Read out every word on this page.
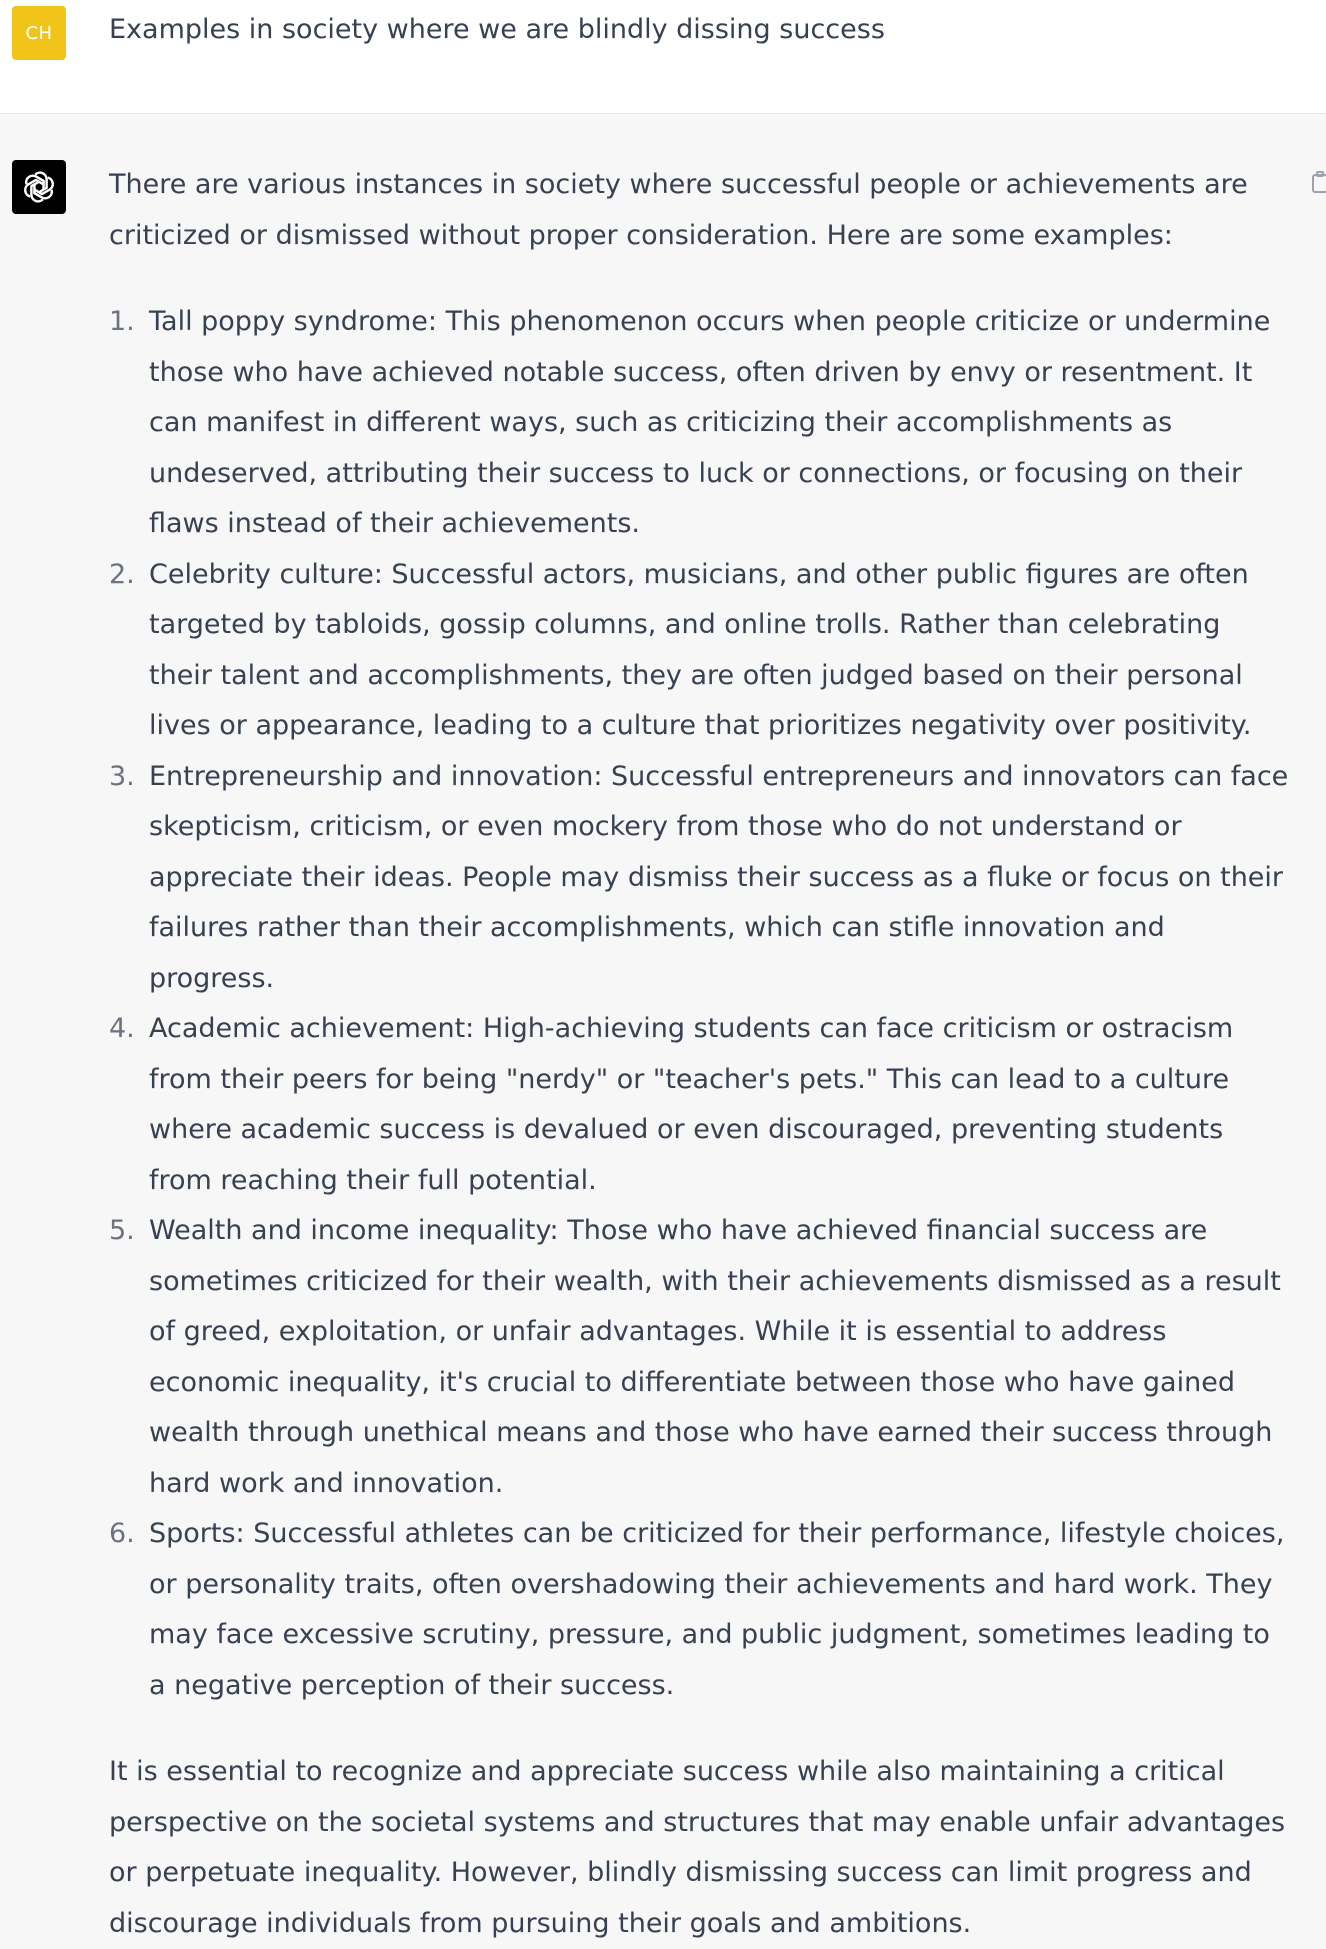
CH	Examples in society where we are blindly dissing success

There are various instances in society where successful people or achievements are criticized or dismissed without proper consideration. Here are some examples:

1. Tall poppy syndrome: This phenomenon occurs when people criticize or undermine those who have achieved notable success, often driven by envy or resentment. It can manifest in different ways, such as criticizing their accomplishments as undeserved, attributing their success to luck or connections, or focusing on their flaws instead of their achievements.
2. Celebrity culture: Successful actors, musicians, and other public figures are often targeted by tabloids, gossip columns, and online trolls. Rather than celebrating their talent and accomplishments, they are often judged based on their personal lives or appearance, leading to a culture that prioritizes negativity over positivity.
3. Entrepreneurship and innovation: Successful entrepreneurs and innovators can face skepticism, criticism, or even mockery from those who do not understand or appreciate their ideas. People may dismiss their success as a fluke or focus on their failures rather than their accomplishments, which can stifle innovation and progress.
4. Academic achievement: High-achieving students can face criticism or ostracism from their peers for being "nerdy" or "teacher's pets." This can lead to a culture where academic success is devalued or even discouraged, preventing students from reaching their full potential.
5. Wealth and income inequality: Those who have achieved financial success are sometimes criticized for their wealth, with their achievements dismissed as a result of greed, exploitation, or unfair advantages. While it is essential to address economic inequality, it's crucial to differentiate between those who have gained wealth through unethical means and those who have earned their success through hard work and innovation.
6. Sports: Successful athletes can be criticized for their performance, lifestyle choices, or personality traits, often overshadowing their achievements and hard work. They may face excessive scrutiny, pressure, and public judgment, sometimes leading to a negative perception of their success.

It is essential to recognize and appreciate success while also maintaining a critical perspective on the societal systems and structures that may enable unfair advantages or perpetuate inequality. However, blindly dismissing success can limit progress and discourage individuals from pursuing their goals and ambitions.
